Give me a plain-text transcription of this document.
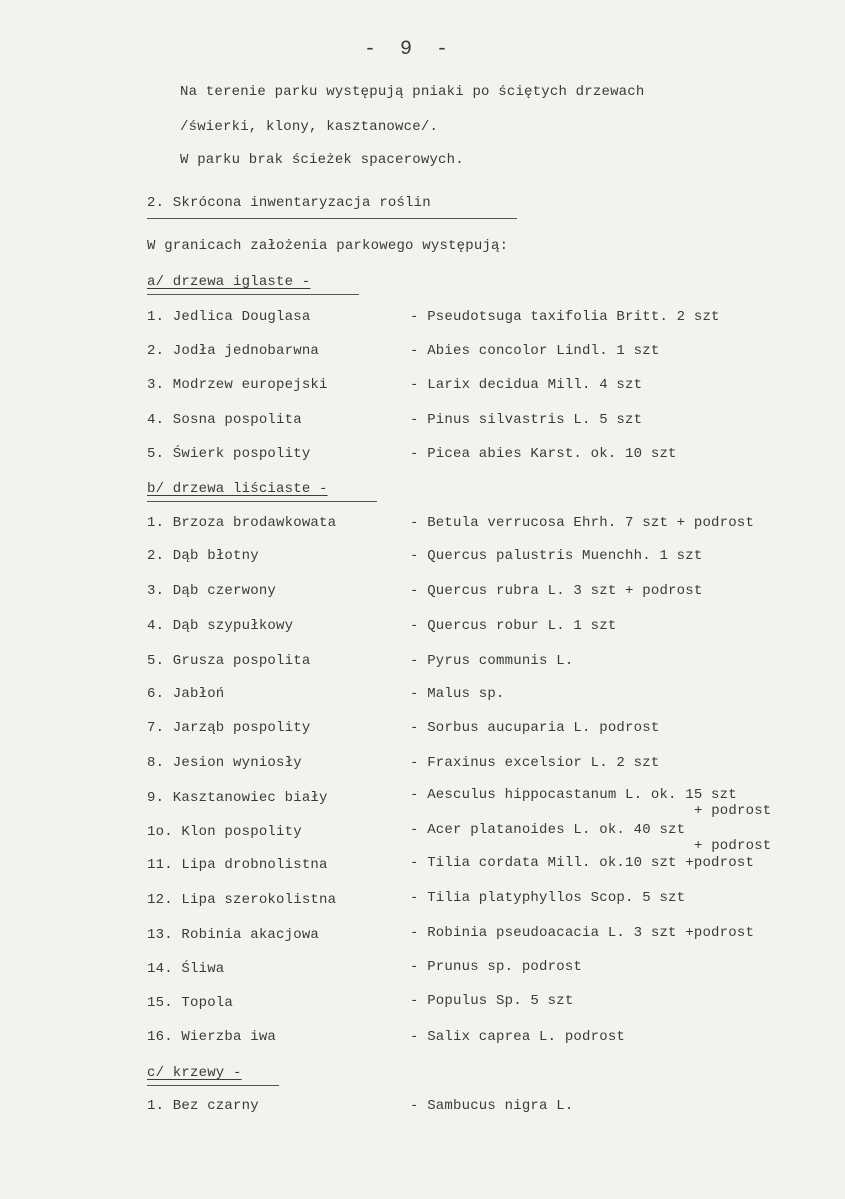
- 9 -
Na terenie parku występują pniaki po ściętych drzewach
/świerki, klony, kasztanowce/.
W parku brak ścieżek spacerowych.
2. Skrócona inwentaryzacja roślin
W granicach założenia parkowego występują:
a/ drzewa iglaste -
1. Jedlica Douglasa	- Pseudotsuga taxifolia Britt. 2 szt
2. Jodła jednobarwna	- Abies concolor Lindl. 1 szt
3. Modrzew europejski	- Larix decidua Mill. 4 szt
4. Sosna pospolita	- Pinus silvastris L. 5 szt
5. Świerk pospolity	- Picea abies Karst. ok. 10 szt
b/ drzewa liściaste -
1. Brzoza brodawkowata	- Betula verrucosa Ehrh. 7 szt + podrost
2. Dąb błotny	- Quercus palustris Muenchh. 1 szt
3. Dąb czerwony	- Quercus rubra L. 3 szt + podrost
4. Dąb szypułkowy	- Quercus robur L. 1 szt
5. Grusza pospolita	- Pyrus communis L.
6. Jabłoń	- Malus sp.
7. Jarząb pospolity	- Sorbus aucuparia L. podrost
8. Jesion wyniosły	- Fraxinus excelsior L. 2 szt
9. Kasztanowiec biały	- Aesculus hippocastanum L. ok. 15 szt
+ podrost
1o. Klon pospolity	- Acer platanoides L. ok. 40 szt
+ podrost
11. Lipa drobnolistna	- Tilia cordata Mill. ok.10 szt +podrost
12. Lipa szerokolistna	- Tilia platyphyllos Scop. 5 szt
13. Robinia akacjowa	- Robinia pseudoacacia L. 3 szt +podrost
14. Śliwa	- Prunus sp. podrost
15. Topola	- Populus Sp. 5 szt
16. Wierzba iwa	- Salix caprea L. podrost
c/ krzewy -
1. Bez czarny	- Sambucus nigra L.
